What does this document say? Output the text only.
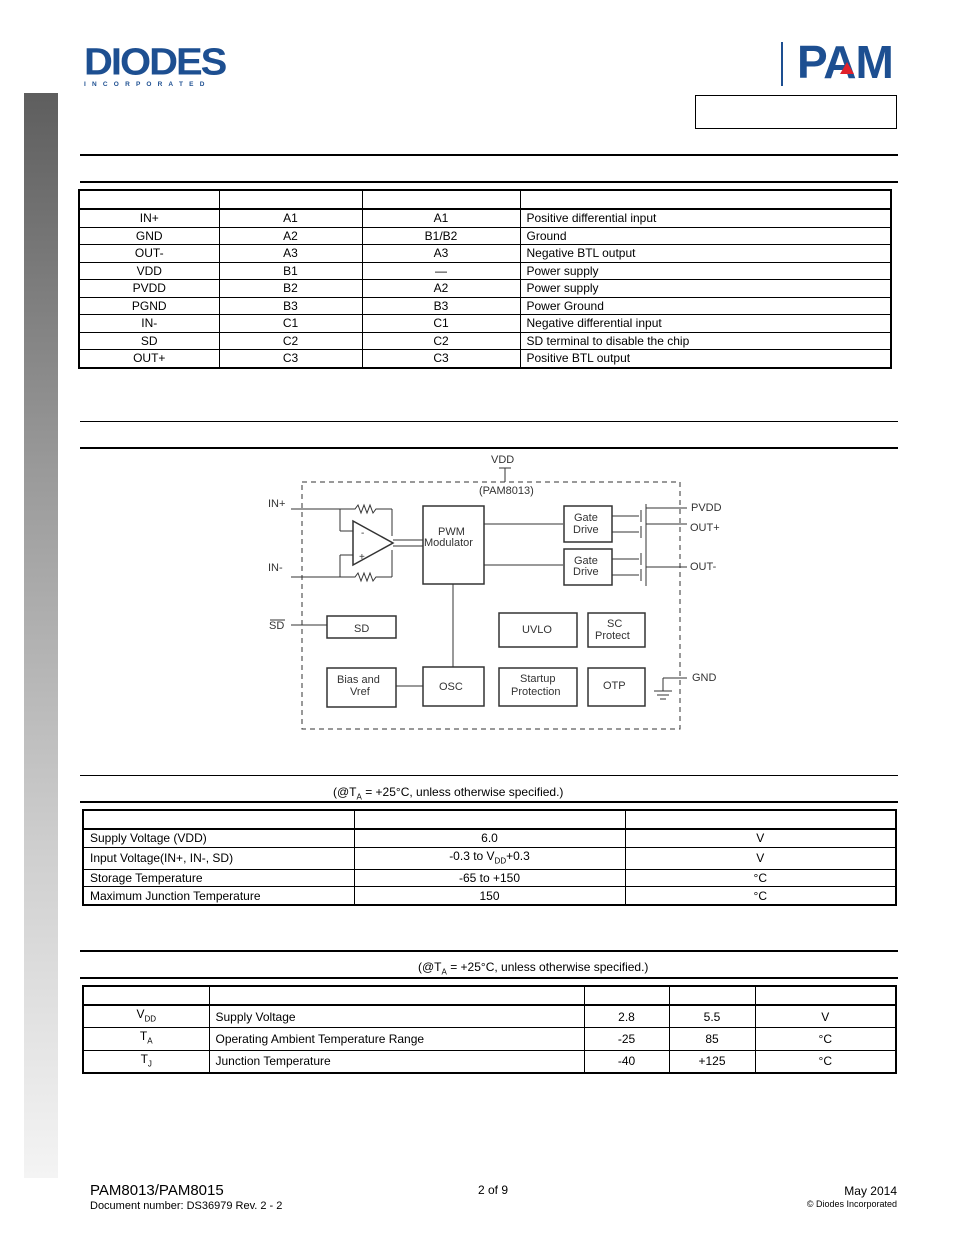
DIODES
I N C O R P O R A T E D	PAM

IN+	A1	A1	Positive differential input
GND	A2	B1/B2	Ground
OUT-	A3	A3	Negative BTL output
VDD	B1	—	Power supply
PVDD	B2	A2	Power supply
PGND	B3	B3	Power Ground
IN-	C1	C1	Negative differential input
SD	C2	C2	SD terminal to disable the chip
OUT+	C3	C3	Positive BTL output
VDD
(PAM8013)
IN+
IN-
SD
PVDD
OUT+
OUT-
GND
-
+
PWM
Modulator
Gate
Drive
Gate
Drive
SD	UVLO	SC
Protect
Bias and
Vref	OSC
Startup
Protection	OTP
($@T_A = +25^\circ C$, unless otherwise specified.)

Supply Voltage (VDD)	6.0	V
Input Voltage(IN+, IN-, SD)	-0.3 to $V_{DD}+0.3$	V
Storage Temperature	-65 to +150	°C
Maximum Junction Temperature	150	°C
($@T_A = +25^\circ C$, unless otherwise specified.)

$V_{DD}$	Supply Voltage	2.8	5.5	V
$T_A$	Operating Ambient Temperature Range	-25	85	°C
$T_J$	Junction Temperature	-40	+125	°C
PAM8013/PAM8015
Document number: DS36979 Rev. 2 - 2
2 of 9	May 2014
© Diodes Incorporated
